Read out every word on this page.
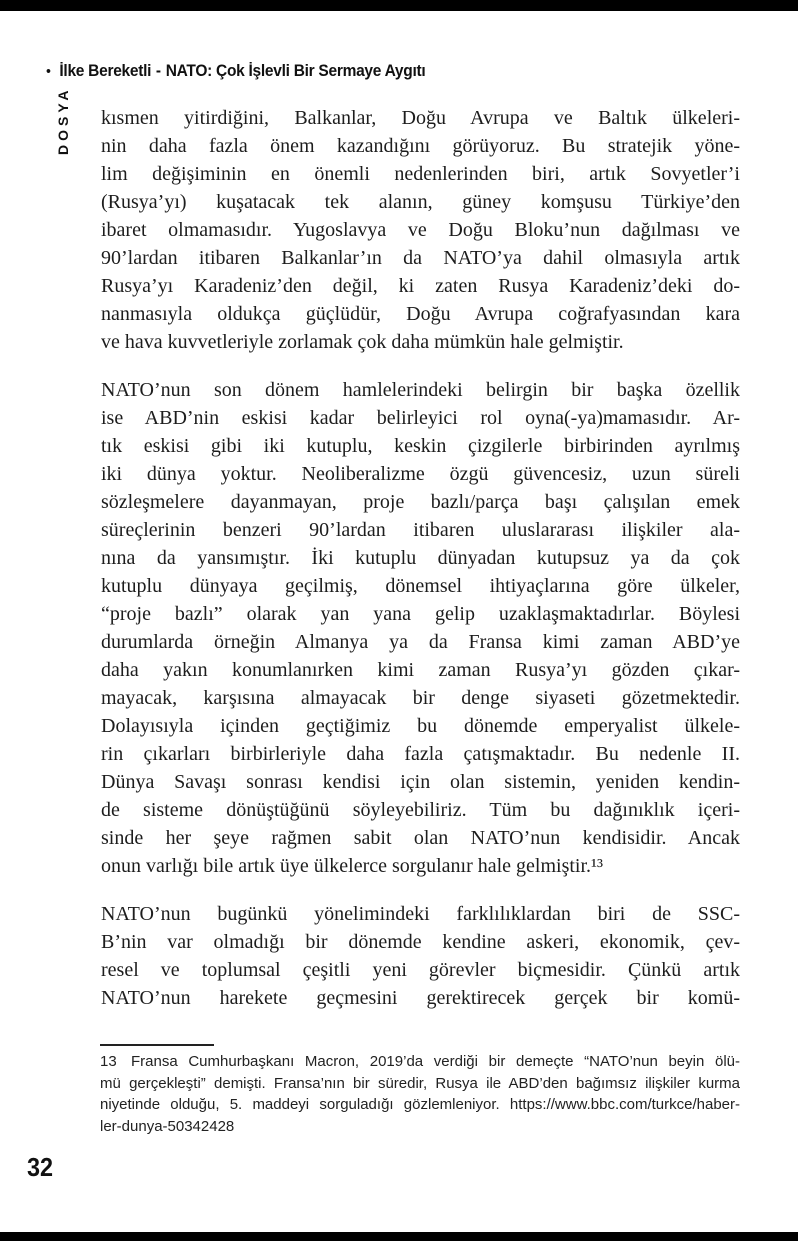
• İlke Bereketli - NATO: Çok İşlevli Bir Sermaye Aygıtı
DOSYA kısmen yitirdiğini, Balkanlar, Doğu Avrupa ve Baltık ülkeleri-
nin daha fazla önem kazandığını görüyoruz. Bu stratejik yöne-
lim değişiminin en önemli nedenlerinden biri, artık Sovyetler’i
(Rusya’yı) kuşatacak tek alanın, güney komşusu Türkiye’den
ibaret olmamasıdır. Yugoslavya ve Doğu Bloku’nun dağılması ve
90’lardan itibaren Balkanlar’ın da NATO’ya dahil olmasıyla artık
Rusya’yı Karadeniz’den değil, ki zaten Rusya Karadeniz’deki do-
nanmasıyla oldukça güçlüdür, Doğu Avrupa coğrafyasından kara
ve hava kuvvetleriyle zorlamak çok daha mümkün hale gelmiştir.
NATO’nun son dönem hamlelerindeki belirgin bir başka özellik
ise ABD’nin eskisi kadar belirleyici rol oyna(-ya)mamasıdır. Ar-
tık eskisi gibi iki kutuplu, keskin çizgilerle birbirinden ayrılmış
iki dünya yoktur. Neoliberalizme özgü güvencesiz, uzun süreli
sözleşmelere dayanmayan, proje bazlı/parça başı çalışılan emek
süreçlerinin benzeri 90’lardan itibaren uluslararası ilişkiler ala-
nına da yansımıştır. İki kutuplu dünyadan kutupsuz ya da çok
kutuplu dünyaya geçilmiş, dönemsel ihtiyaçlarına göre ülkeler,
“proje bazlı” olarak yan yana gelip uzaklaşmaktadırlar. Böylesi
durumlarda örneğin Almanya ya da Fransa kimi zaman ABD’ye
daha yakın konumlanırken kimi zaman Rusya’yı gözden çıkar-
mayacak, karşısına almayacak bir denge siyaseti gözetmektedir.
Dolayısıyla içinden geçtiğimiz bu dönemde emperyalist ülkele-
rin çıkarları birbirleriyle daha fazla çatışmaktadır. Bu nedenle II.
Dünya Savaşı sonrası kendisi için olan sistemin, yeniden kendin-
de sisteme dönüştüğünü söyleyebiliriz. Tüm bu dağınıklık içeri-
sinde her şeye rağmen sabit olan NATO’nun kendisidir. Ancak
onun varlığı bile artık üye ülkelerce sorgulanır hale gelmiştir.¹³
NATO’nun bugünkü yönelimindeki farklılıklardan biri de SSC-
B’nin var olmadığı bir dönemde kendine askeri, ekonomik, çev-
resel ve toplumsal çeşitli yeni görevler biçmesidir. Çünkü artık
NATO’nun harekete geçmesini gerektirecek gerçek bir komü-
13 Fransa Cumhurbaşkanı Macron, 2019’da verdiği bir demeçte “NATO’nun beyin ölü-
mü gerçekleşti” demişti. Fransa’nın bir süredir, Rusya ile ABD’den bağımsız ilişkiler kurma
niyetinde olduğu, 5. maddeyi sorguladığı gözlemleniyor. https://www.bbc.com/turkce/haber-
ler-dunya-50342428
32
